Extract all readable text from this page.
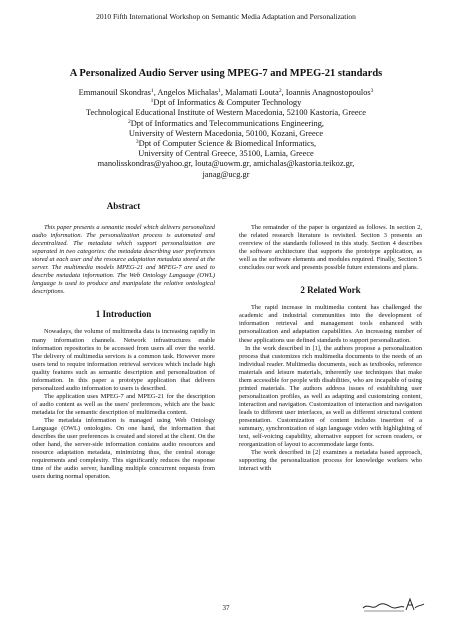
2010 Fifth International Workshop on Semantic Media Adaptation and Personalization
A Personalized Audio Server using MPEG-7 and MPEG-21 standards
Emmanouil Skondras$^1$, Angelos Michalas$^1$, Malamati Louta$^2$, Ioannis Anagnostopoulos$^3$
$^1$Dpt of Informatics & Computer Technology
Technological Educational Institute of Western Macedonia, 52100 Kastoria, Greece
$^2$Dpt of Informatics and Telecommunications Engineering,
University of Western Macedonia, 50100, Kozani, Greece
$^3$Dpt of Computer Science & Biomedical Informatics,
University of Central Greece, 35100, Lamia, Greece
manolisskondras@yahoo.gr, louta@uowm.gr, amichalas@kastoria.teikoz.gr,
janag@ucg.gr
Abstract

This paper presents a semantic model which delivers personalized audio information. The personalization process is automated and decentralized. The metadata which support personalization are separated in two categories: the metadata describing user preferences stored at each user and the resource adaptation metadata stored at the server. The multimedia models MPEG-21 and MPEG-7 are used to describe metadata information. The Web Ontology Language (OWL) language is used to produce and manipulate the relative ontological descriptions.

1 Introduction

Nowadays, the volume of multimedia data is increasing rapidly in many information channels. Network infrastructures enable information repositories to be accessed from users all over the world. The delivery of multimedia services is a common task. However more users tend to require information retrieval services which include high quality features such as semantic description and personalization of information. In this paper a prototype application that delivers personalized audio information to users is described.

The application uses MPEG-7 and MPEG-21 for the description of audio content as well as the users' preferences, which are the basic metadata for the semantic description of multimedia content.

The metadata information is managed using Web Ontology Language (OWL) ontologies. On one hand, the information that describes the user preferences is created and stored at the client. On the other hand, the server-side information contains audio resources and resource adaptation metadata, minimizing thus, the central storage requirements and complexity. This significantly reduces the response time of the audio server, handling multiple concurrent requests from users during normal operation.

The remainder of the paper is organized as follows. In section 2, the related research literature is revisited. Section 3 presents an overview of the standards followed in this study. Section 4 describes the software architecture that supports the prototype application, as well as the software elements and modules required. Finally, Section 5 concludes our work and presents possible future extensions and plans.

2 Related Work

The rapid increase in multimedia content has challenged the academic and industrial communities into the development of information retrieval and management tools enhanced with personalization and adaptation capabilities. An increasing number of these applications use defined standards to support personalization.

In the work described in [1], the authors propose a personalization process that customizes rich multimedia documents to the needs of an individual reader. Multimedia documents, such as textbooks, reference materials and leisure materials, inherently use techniques that make them accessible for people with disabilities, who are incapable of using printed materials. The authors address issues of establishing user personalization profiles, as well as adapting and customizing content, interaction and navigation. Customization of interaction and navigation leads to different user interfaces, as well as different structural content presentation. Customization of content includes insertion of a summary, synchronization of sign language video with highlighting of text, self-voicing capability, alternative support for screen readers, or reorganization of layout to accommodate large fonts.

The work described in [2] examines a metadata based approach, supporting the personalization process for knowledge workers who interact with

37
